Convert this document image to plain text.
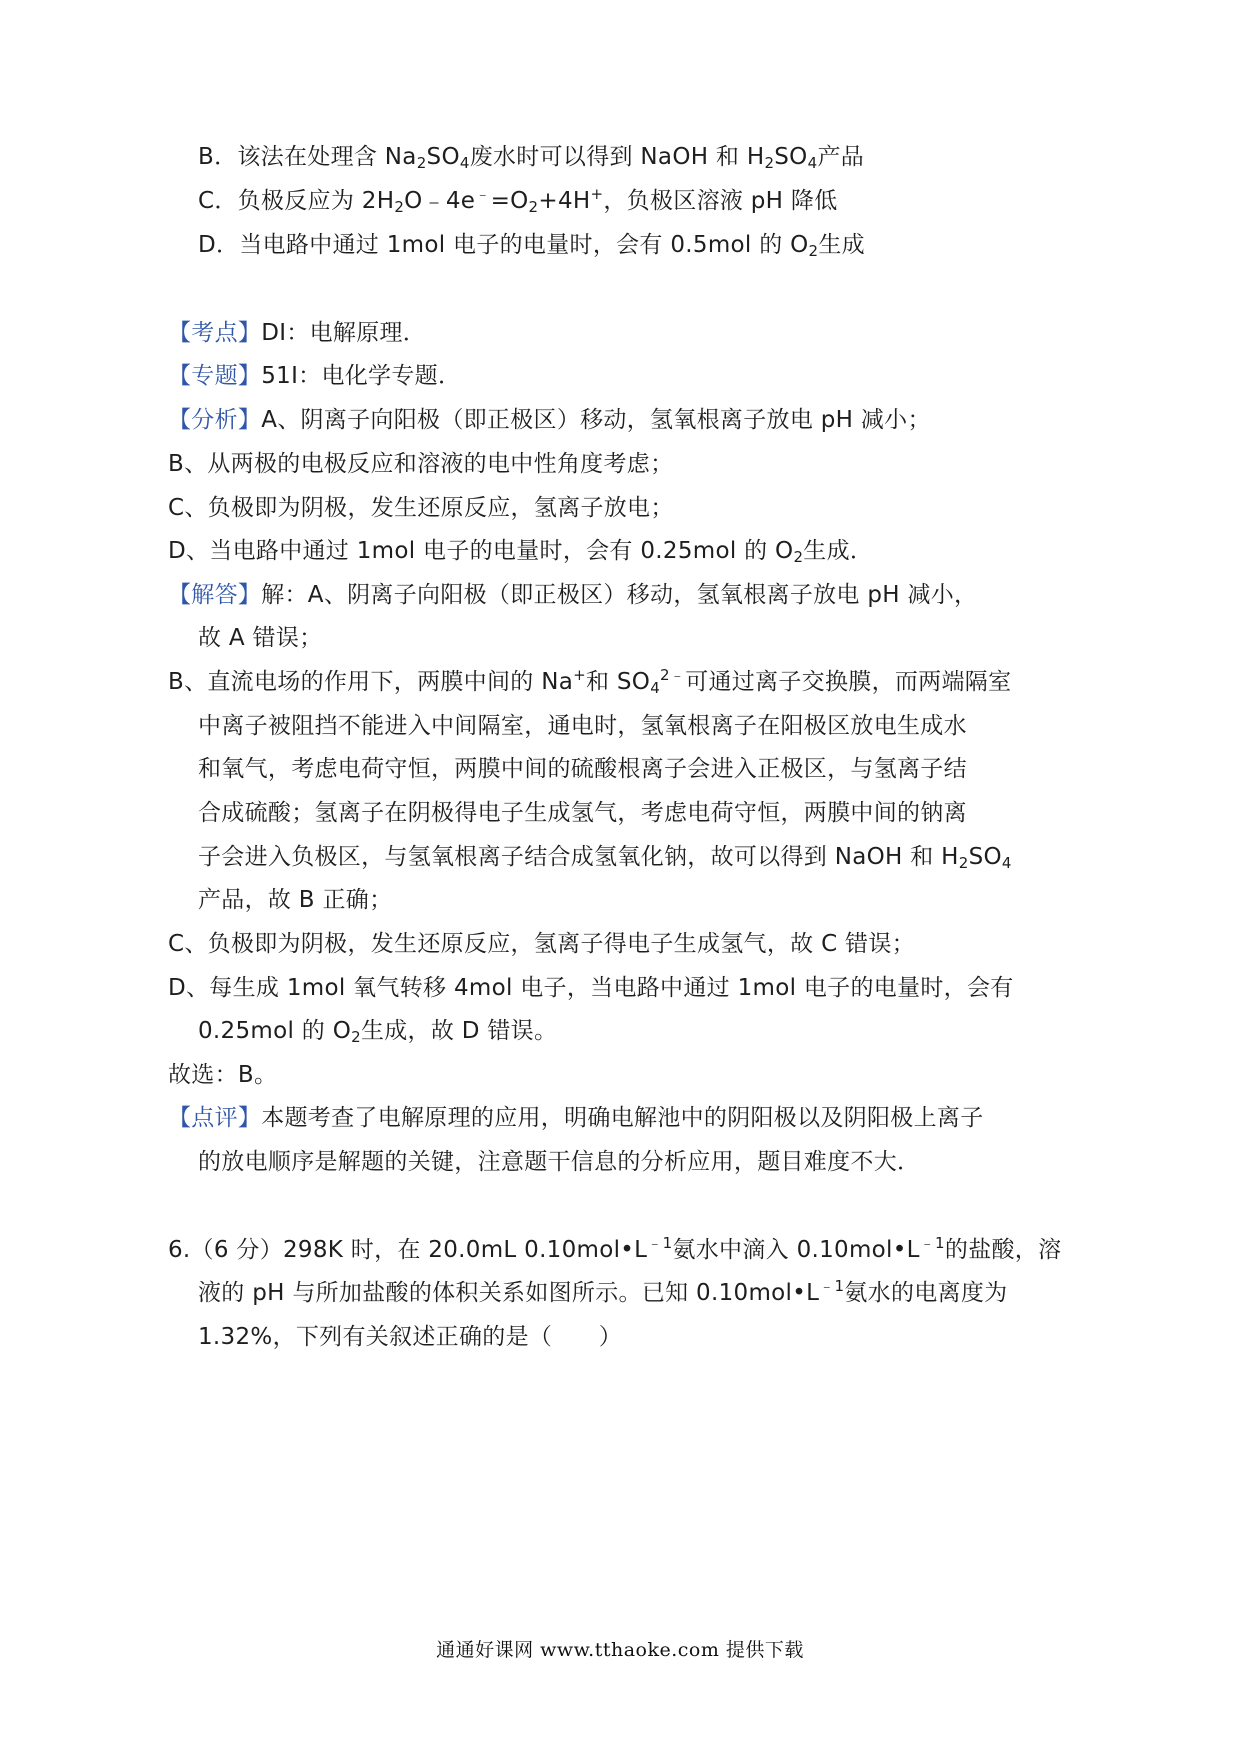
B．该法在处理含 $Na_2SO_4$废水时可以得到 NaOH 和 $H_2SO_4$产品
C．负极反应为 $2H_2O﹣4e^﹣=O_2+4H^+$，负极区溶液 pH 降低
D．当电路中通过 1mol 电子的电量时，会有 0.5mol 的 $O_2$生成
【考点】DI：电解原理．
【专题】51I：电化学专题．
【分析】A、阴离子向阳极（即正极区）移动，氢氧根离子放电 pH 减小；
B、从两极的电极反应和溶液的电中性角度考虑；
C、负极即为阴极，发生还原反应，氢离子放电；
D、当电路中通过 1mol 电子的电量时，会有 0.25mol 的 $O_2$生成．
【解答】解：A、阴离子向阳极（即正极区）移动，氢氧根离子放电 pH 减小，
故 A 错误；
B、直流电场的作用下，两膜中间的 Na+和 $SO_4^{2﹣}$可通过离子交换膜，而两端隔室
中离子被阻挡不能进入中间隔室，通电时，氢氧根离子在阳极区放电生成水
和氧气，考虑电荷守恒，两膜中间的硫酸根离子会进入正极区，与氢离子结
合成硫酸；氢离子在阴极得电子生成氢气，考虑电荷守恒，两膜中间的钠离
子会进入负极区，与氢氧根离子结合成氢氧化钠，故可以得到 NaOH 和 $H_2SO_4$
产品，故 B 正确；
C、负极即为阴极，发生还原反应，氢离子得电子生成氢气，故 C 错误；
D、每生成 1mol 氧气转移 4mol 电子，当电路中通过 1mol 电子的电量时，会有
0.25mol 的 $O_2$生成，故 D 错误。
故选：B。
【点评】本题考查了电解原理的应用，明确电解池中的阴阳极以及阴阳极上离子
的放电顺序是解题的关键，注意题干信息的分析应用，题目难度不大．
6.（6 分）298K 时，在 20.0mL $0.10mol•L^{﹣1}$氨水中滴入 $0.10mol•L^{﹣1}$的盐酸，溶
液的 pH 与所加盐酸的体积关系如图所示。已知 $0.10mol•L^{﹣1}$氨水的电离度为
1.32%，下列有关叙述正确的是（　　）
通通好课网 www.tthaoke.com 提供下载
